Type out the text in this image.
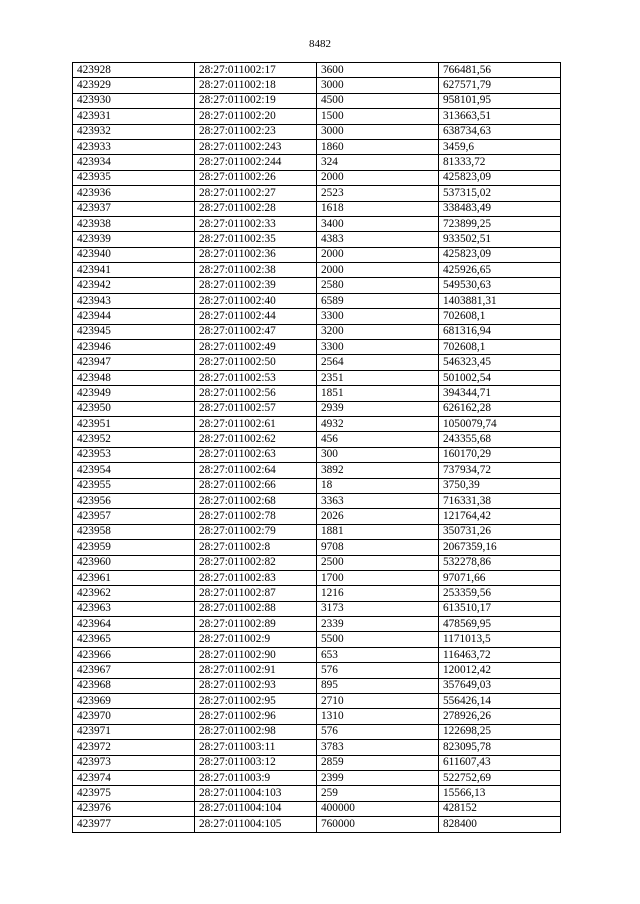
8482
423928	28:27:011002:17	3600	766481,56
423929	28:27:011002:18	3000	627571,79
423930	28:27:011002:19	4500	958101,95
423931	28:27:011002:20	1500	313663,51
423932	28:27:011002:23	3000	638734,63
423933	28:27:011002:243	1860	3459,6
423934	28:27:011002:244	324	81333,72
423935	28:27:011002:26	2000	425823,09
423936	28:27:011002:27	2523	537315,02
423937	28:27:011002:28	1618	338483,49
423938	28:27:011002:33	3400	723899,25
423939	28:27:011002:35	4383	933502,51
423940	28:27:011002:36	2000	425823,09
423941	28:27:011002:38	2000	425926,65
423942	28:27:011002:39	2580	549530,63
423943	28:27:011002:40	6589	1403881,31
423944	28:27:011002:44	3300	702608,1
423945	28:27:011002:47	3200	681316,94
423946	28:27:011002:49	3300	702608,1
423947	28:27:011002:50	2564	546323,45
423948	28:27:011002:53	2351	501002,54
423949	28:27:011002:56	1851	394344,71
423950	28:27:011002:57	2939	626162,28
423951	28:27:011002:61	4932	1050079,74
423952	28:27:011002:62	456	243355,68
423953	28:27:011002:63	300	160170,29
423954	28:27:011002:64	3892	737934,72
423955	28:27:011002:66	18	3750,39
423956	28:27:011002:68	3363	716331,38
423957	28:27:011002:78	2026	121764,42
423958	28:27:011002:79	1881	350731,26
423959	28:27:011002:8	9708	2067359,16
423960	28:27:011002:82	2500	532278,86
423961	28:27:011002:83	1700	97071,66
423962	28:27:011002:87	1216	253359,56
423963	28:27:011002:88	3173	613510,17
423964	28:27:011002:89	2339	478569,95
423965	28:27:011002:9	5500	1171013,5
423966	28:27:011002:90	653	116463,72
423967	28:27:011002:91	576	120012,42
423968	28:27:011002:93	895	357649,03
423969	28:27:011002:95	2710	556426,14
423970	28:27:011002:96	1310	278926,26
423971	28:27:011002:98	576	122698,25
423972	28:27:011003:11	3783	823095,78
423973	28:27:011003:12	2859	611607,43
423974	28:27:011003:9	2399	522752,69
423975	28:27:011004:103	259	15566,13
423976	28:27:011004:104	400000	428152
423977	28:27:011004:105	760000	828400
